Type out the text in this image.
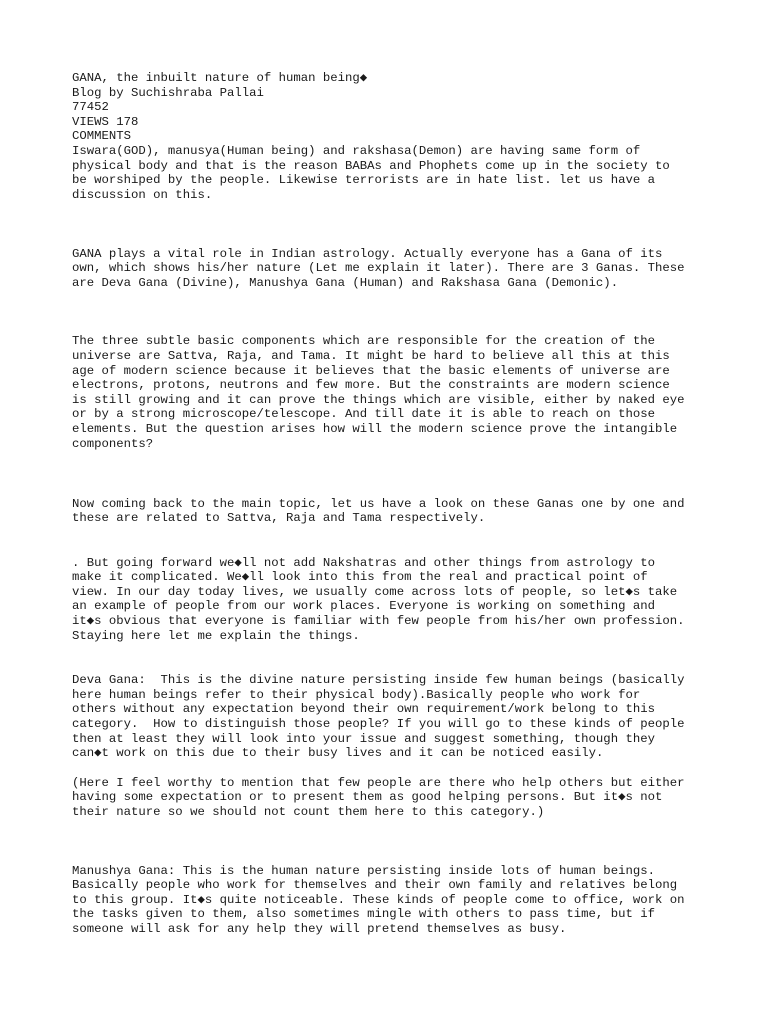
GANA, the inbuilt nature of human being◆

Blog by Suchishraba Pallai

77452

VIEWS 178

COMMENTS

Iswara(GOD), manusya(Human being) and rakshasa(Demon) are having same form of

physical body and that is the reason BABAs and Phophets come up in the society to

be worshiped by the people. Likewise terrorists are in hate list. let us have a

discussion on this.

GANA plays a vital role in Indian astrology. Actually everyone has a Gana of its

own, which shows his/her nature (Let me explain it later). There are 3 Ganas. These

are Deva Gana (Divine), Manushya Gana (Human) and Rakshasa Gana (Demonic).

The three subtle basic components which are responsible for the creation of the

universe are Sattva, Raja, and Tama. It might be hard to believe all this at this

age of modern science because it believes that the basic elements of universe are

electrons, protons, neutrons and few more. But the constraints are modern science

is still growing and it can prove the things which are visible, either by naked eye

or by a strong microscope/telescope. And till date it is able to reach on those

elements. But the question arises how will the modern science prove the intangible

components?

Now coming back to the main topic, let us have a look on these Ganas one by one and

these are related to Sattva, Raja and Tama respectively.

. But going forward we◆ll not add Nakshatras and other things from astrology to

make it complicated. We◆ll look into this from the real and practical point of

view. In our day today lives, we usually come across lots of people, so let◆s take

an example of people from our work places. Everyone is working on something and

it◆s obvious that everyone is familiar with few people from his/her own profession.

Staying here let me explain the things.

Deva Gana:  This is the divine nature persisting inside few human beings (basically

here human beings refer to their physical body).Basically people who work for

others without any expectation beyond their own requirement/work belong to this

category.  How to distinguish those people? If you will go to these kinds of people

then at least they will look into your issue and suggest something, though they

can◆t work on this due to their busy lives and it can be noticed easily.

(Here I feel worthy to mention that few people are there who help others but either

having some expectation or to present them as good helping persons. But it◆s not

their nature so we should not count them here to this category.)

Manushya Gana: This is the human nature persisting inside lots of human beings.

Basically people who work for themselves and their own family and relatives belong

to this group. It◆s quite noticeable. These kinds of people come to office, work on

the tasks given to them, also sometimes mingle with others to pass time, but if

someone will ask for any help they will pretend themselves as busy.
